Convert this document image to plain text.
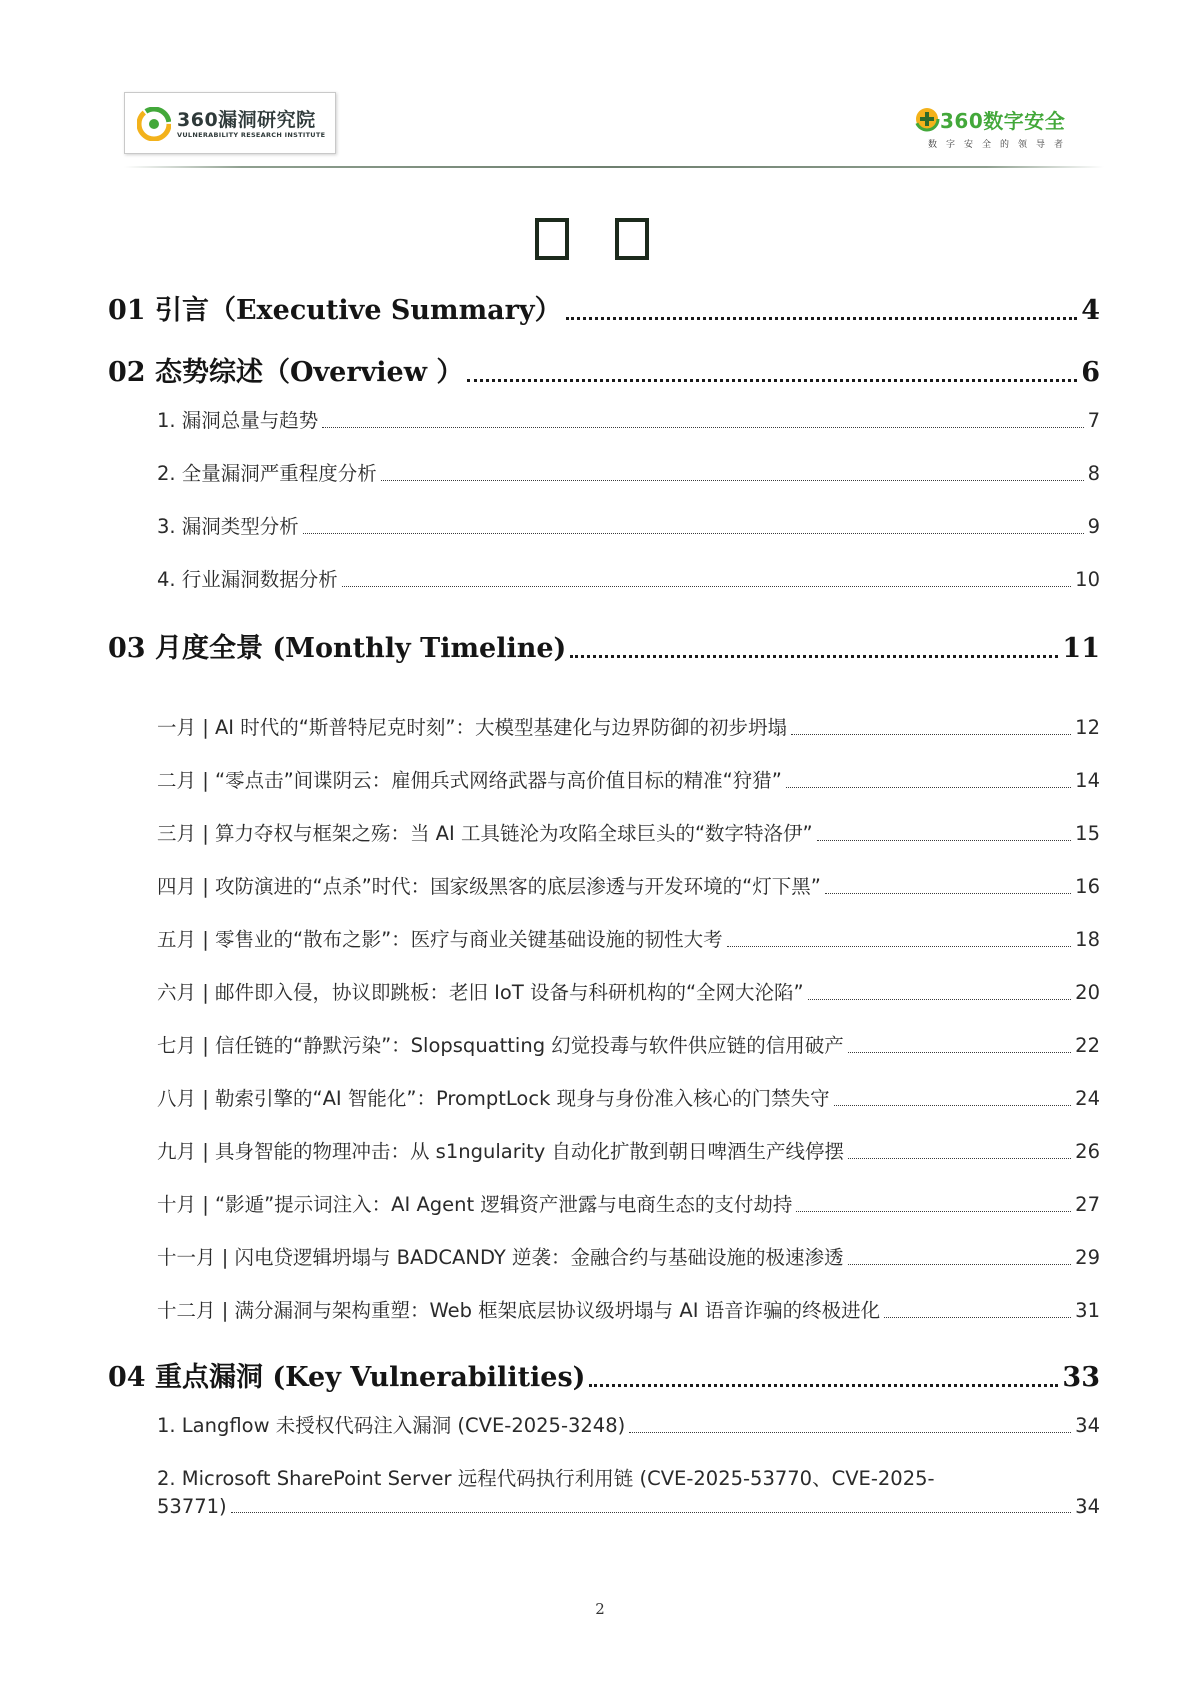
360漏洞研究院
VULNERABILITY RESEARCH INSTITUTE
360数字安全
数字安全的领导者
01 引言（Executive Summary）	4
02 态势综述（Overview ）	6
1. 漏洞总量与趋势	7
2. 全量漏洞严重程度分析	8
3. 漏洞类型分析	9
4. 行业漏洞数据分析	10
03 月度全景 (Monthly Timeline)	11
一月 | AI 时代的“斯普特尼克时刻”：大模型基建化与边界防御的初步坍塌	12
二月 | “零点击”间谍阴云：雇佣兵式网络武器与高价值目标的精准“狩猎”	14
三月 | 算力夺权与框架之殇：当 AI 工具链沦为攻陷全球巨头的“数字特洛伊”	15
四月 | 攻防演进的“点杀”时代：国家级黑客的底层渗透与开发环境的“灯下黑”	16
五月 | 零售业的“散布之影”：医疗与商业关键基础设施的韧性大考	18
六月 | 邮件即入侵，协议即跳板：老旧 IoT 设备与科研机构的“全网大沦陷”	20
七月 | 信任链的“静默污染”：Slopsquatting 幻觉投毒与软件供应链的信用破产	22
八月 | 勒索引擎的“AI 智能化”：PromptLock 现身与身份准入核心的门禁失守	24
九月 | 具身智能的物理冲击：从 s1ngularity 自动化扩散到朝日啤酒生产线停摆	26
十月 | “影遁”提示词注入：AI Agent 逻辑资产泄露与电商生态的支付劫持	27
十一月 | 闪电贷逻辑坍塌与 BADCANDY 逆袭：金融合约与基础设施的极速渗透	29
十二月 | 满分漏洞与架构重塑：Web 框架底层协议级坍塌与 AI 语音诈骗的终极进化	31
04 重点漏洞 (Key Vulnerabilities)	33
1. Langflow 未授权代码注入漏洞 (CVE-2025-3248)	34
2. Microsoft SharePoint Server 远程代码执行利用链 (CVE-2025-53770、CVE-2025-
53771)	34
2
